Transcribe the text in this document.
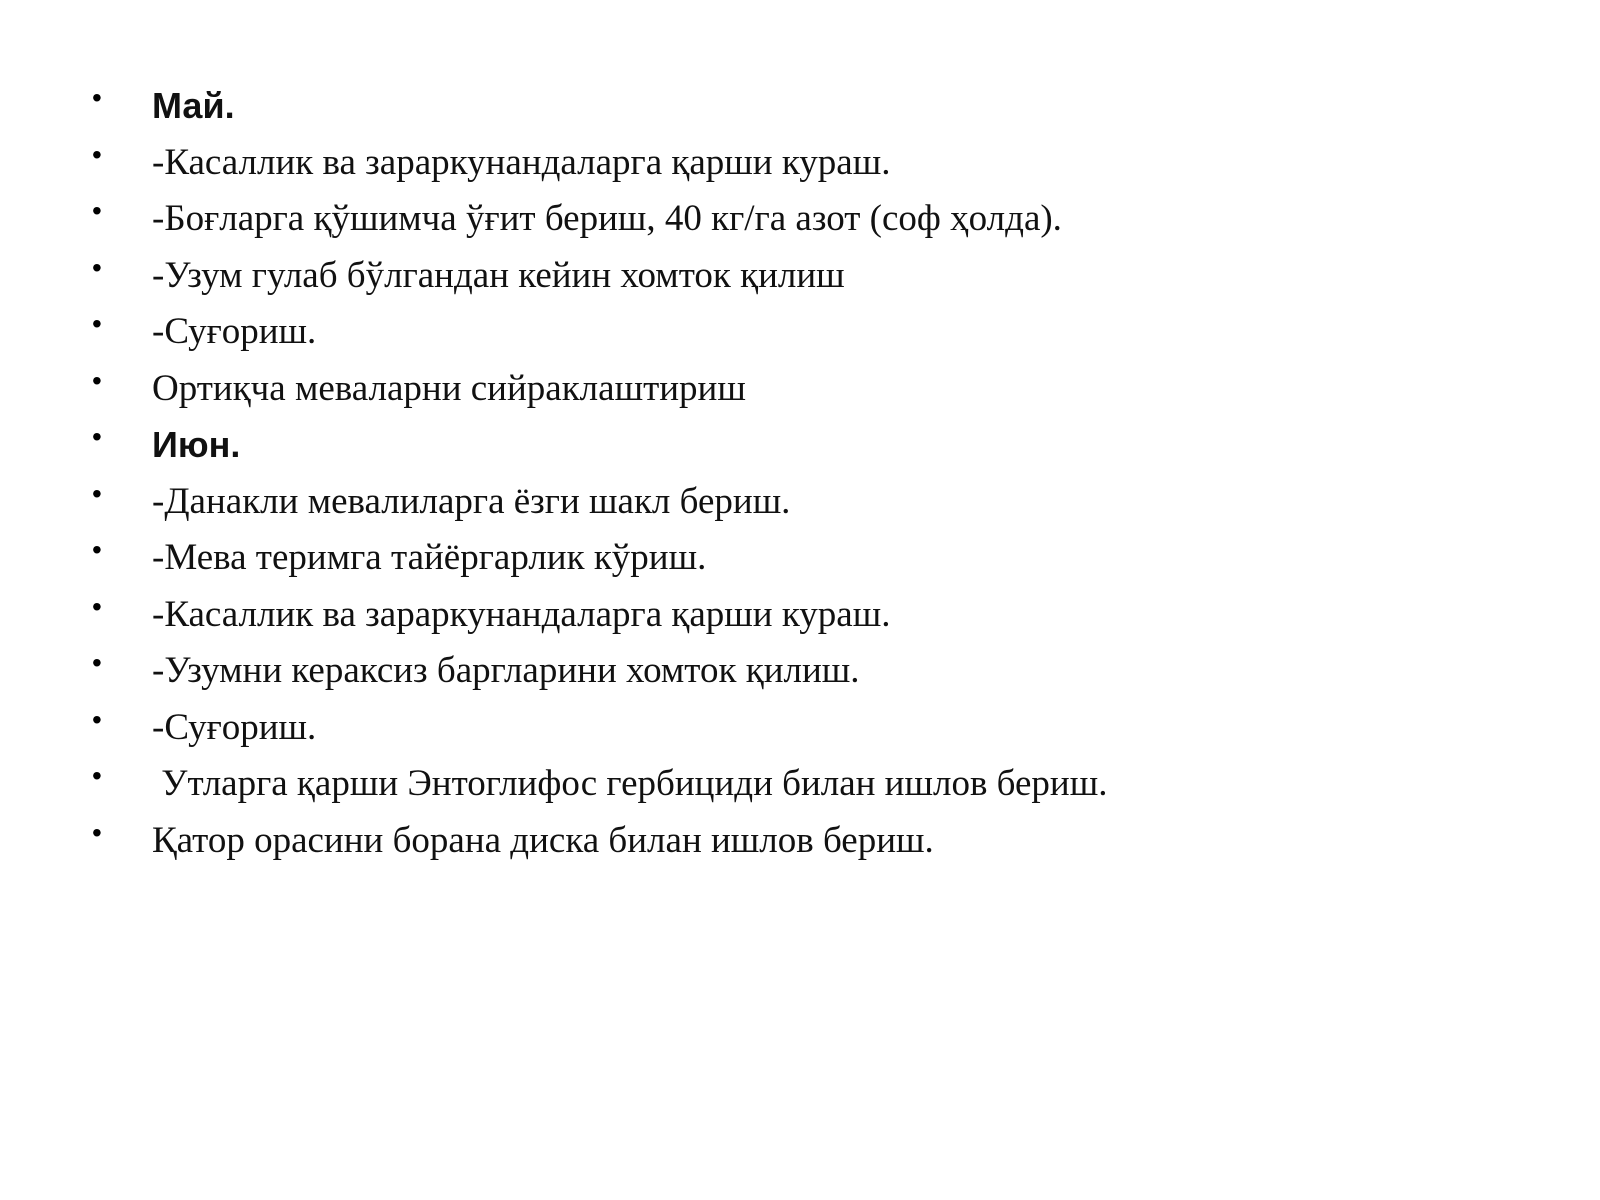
• Май.
• -Касаллик ва зараркунандаларга қарши кураш.
• -Боғларга қўшимча ўғит бериш, 40 кг/га азот (соф ҳолда).
• -Узум гулаб бўлгандан кейин хомток қилиш
• -Суғориш.
• Ортиқча меваларни сийраклаштириш
• Июн.
• -Данакли мевалиларга ёзги шакл бериш.
• -Мева теримга тайёргарлик кўриш.
• -Касаллик ва зараркунандаларга қарши кураш.
• -Узумни кераксиз баргларини хомток қилиш.
• -Суғориш.
• Утларга қарши Энтоглифос гербициди билан ишлов бериш.
• Қатор орасини борана диска билан ишлов бериш.
